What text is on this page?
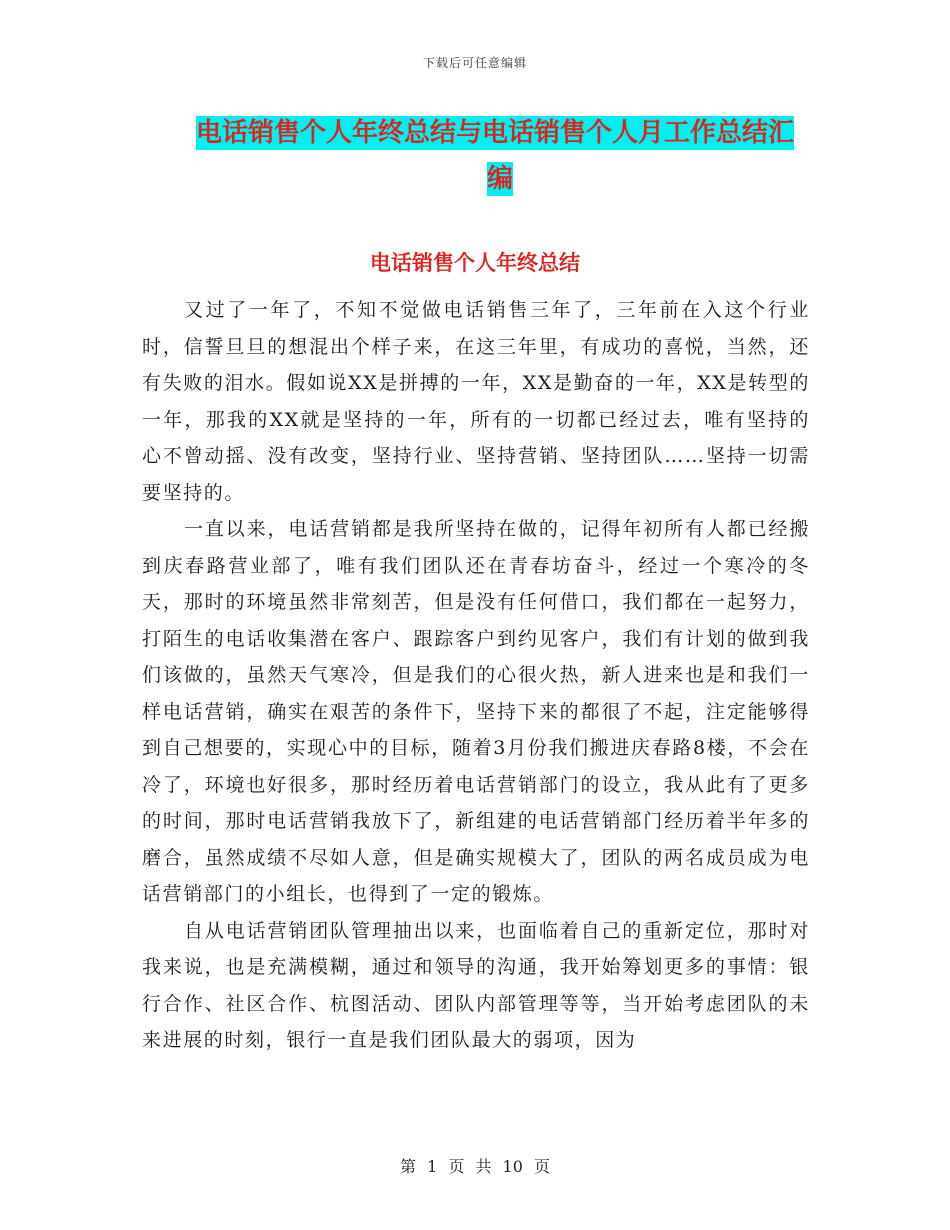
下载后可任意编辑
电话销售个人年终总结与电话销售个人月工作总结汇
编
电话销售个人年终总结

又过了一年了，不知不觉做电话销售三年了，三年前在入这个行业时，信誓旦旦的想混出个样子来，在这三年里，有成功的喜悦，当然，还有失败的泪水。假如说XX是拼搏的一年，XX是勤奋的一年，XX是转型的一年，那我的XX就是坚持的一年，所有的一切都已经过去，唯有坚持的心不曾动摇、没有改变，坚持行业、坚持营销、坚持团队……坚持一切需要坚持的。

一直以来，电话营销都是我所坚持在做的，记得年初所有人都已经搬到庆春路营业部了，唯有我们团队还在青春坊奋斗，经过一个寒冷的冬天，那时的环境虽然非常刻苦，但是没有任何借口，我们都在一起努力，打陌生的电话收集潜在客户、跟踪客户到约见客户，我们有计划的做到我们该做的，虽然天气寒冷，但是我们的心很火热，新人进来也是和我们一样电话营销，确实在艰苦的条件下，坚持下来的都很了不起，注定能够得到自己想要的，实现心中的目标，随着3月份我们搬进庆春路8楼，不会在冷了，环境也好很多，那时经历着电话营销部门的设立，我从此有了更多的时间，那时电话营销我放下了，新组建的电话营销部门经历着半年多的磨合，虽然成绩不尽如人意，但是确实规模大了，团队的两名成员成为电话营销部门的小组长，也得到了一定的锻炼。

自从电话营销团队管理抽出以来，也面临着自己的重新定位，那时对我来说，也是充满模糊，通过和领导的沟通，我开始筹划更多的事情：银行合作、社区合作、杭图活动、团队内部管理等等，当开始考虑团队的未来进展的时刻，银行一直是我们团队最大的弱项，因为

第 1 页 共 10 页
